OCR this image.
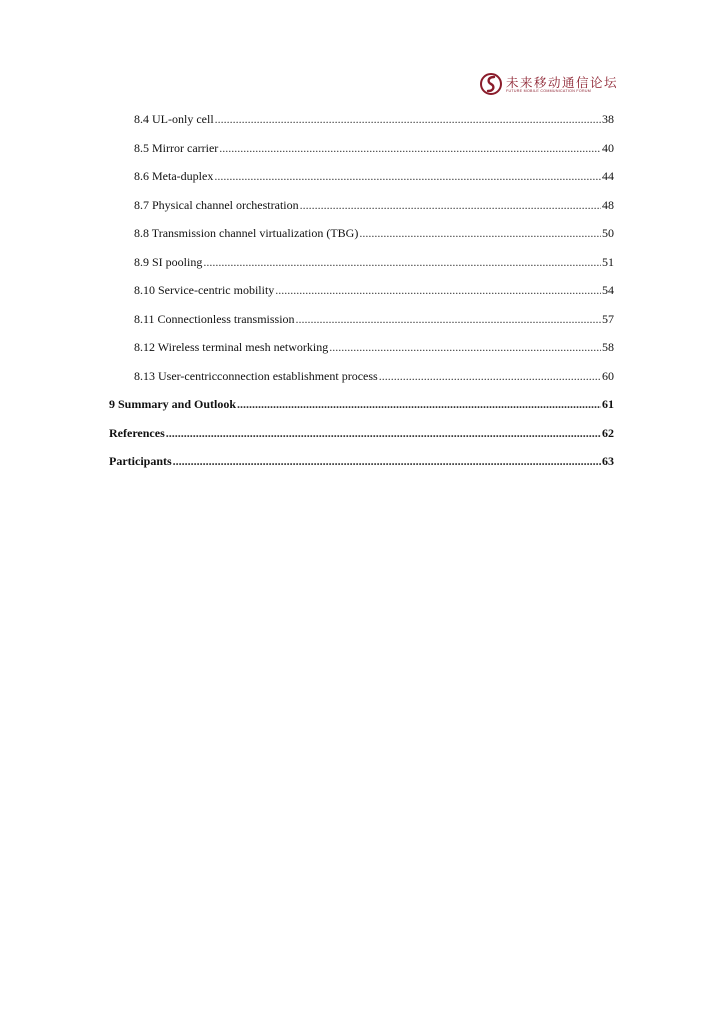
未来移动通信论坛
FUTURE MOBILE COMMUNICATION FORUM
8.4 UL-only cell .....	38
8.5 Mirror carrier .....	40
8.6 Meta-duplex .....	44
8.7 Physical channel orchestration .....	48
8.8 Transmission channel virtualization (TBG) .....	50
8.9 SI pooling .....	51
8.10 Service-centric mobility .....	54
8.11 Connectionless transmission .....	57
8.12 Wireless terminal mesh networking .....	58
8.13 User-centricconnection establishment process .....	60
9 Summary and Outlook .....	61
References .....	62
Participants .....	63
